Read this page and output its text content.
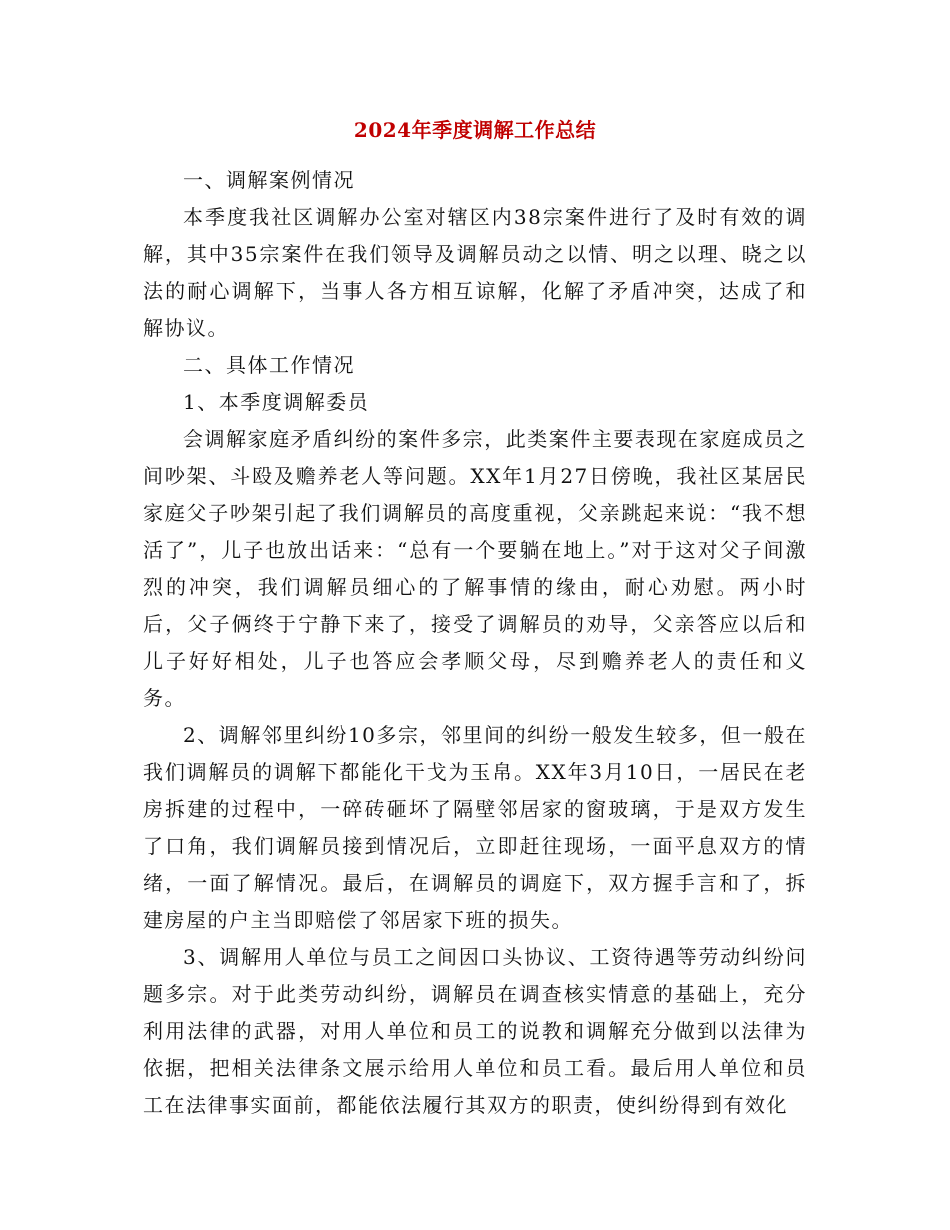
2024年季度调解工作总结

一、调解案例情况

本季度我社区调解办公室对辖区内38宗案件进行了及时有效的调解，其中35宗案件在我们领导及调解员动之以情、明之以理、晓之以法的耐心调解下，当事人各方相互谅解，化解了矛盾冲突，达成了和解协议。

二、具体工作情况

1、本季度调解委员

会调解家庭矛盾纠纷的案件多宗，此类案件主要表现在家庭成员之间吵架、斗殴及赡养老人等问题。XX年1月27日傍晚，我社区某居民家庭父子吵架引起了我们调解员的高度重视，父亲跳起来说：“我不想活了”，儿子也放出话来：“总有一个要躺在地上。”对于这对父子间激烈的冲突，我们调解员细心的了解事情的缘由，耐心劝慰。两小时后，父子俩终于宁静下来了，接受了调解员的劝导，父亲答应以后和儿子好好相处，儿子也答应会孝顺父母，尽到赡养老人的责任和义务。

2、调解邻里纠纷10多宗，邻里间的纠纷一般发生较多，但一般在我们调解员的调解下都能化干戈为玉帛。XX年3月10日，一居民在老房拆建的过程中，一碎砖砸坏了隔壁邻居家的窗玻璃，于是双方发生了口角，我们调解员接到情况后，立即赶往现场，一面平息双方的情绪，一面了解情况。最后，在调解员的调庭下，双方握手言和了，拆建房屋的户主当即赔偿了邻居家下班的损失。

3、调解用人单位与员工之间因口头协议、工资待遇等劳动纠纷问题多宗。对于此类劳动纠纷，调解员在调查核实情意的基础上，充分利用法律的武器，对用人单位和员工的说教和调解充分做到以法律为依据，把相关法律条文展示给用人单位和员工看。最后用人单位和员工在法律事实面前，都能依法履行其双方的职责，使纠纷得到有效化
